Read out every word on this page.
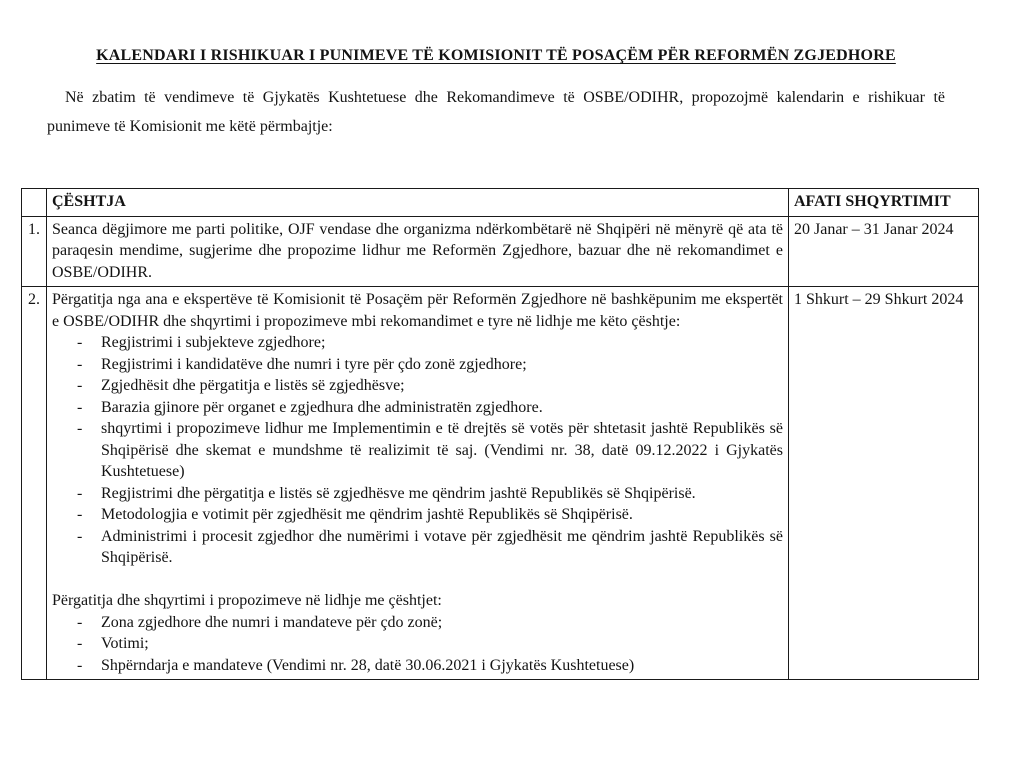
KALENDARI I RISHIKUAR I PUNIMEVE TË KOMISIONIT TË POSAÇËM PËR REFORMËN ZGJEDHORE

Në zbatim të vendimeve të Gjykatës Kushtetuese dhe Rekomandimeve të OSBE/ODIHR, propozojmë kalendarin e rishikuar të punimeve të Komisionit me këtë përmbajtje:

	ÇËSHTJA	AFATI SHQYRTIMIT
1.	Seanca dëgjimore me parti politike, OJF vendase dhe organizma ndërkombëtarë në Shqipëri në mënyrë që ata të paraqesin mendime, sugjerime dhe propozime lidhur me Reformën Zgjedhore, bazuar dhe në rekomandimet e OSBE/ODIHR.	20 Janar – 31 Janar 2024
2.	Përgatitja nga ana e ekspertëve të Komisionit të Posaçëm për Reformën Zgjedhore në bashkëpunim me ekspertët e OSBE/ODIHR dhe shqyrtimi i propozimeve mbi rekomandimet e tyre në lidhje me këto çështje:

- Regjistrimi i subjekteve zgjedhore;
- Regjistrimi i kandidatëve dhe numri i tyre për çdo zonë zgjedhore;
- Zgjedhësit dhe përgatitja e listës së zgjedhësve;
- Barazia gjinore për organet e zgjedhura dhe administratën zgjedhore.
- shqyrtimi i propozimeve lidhur me Implementimin e të drejtës së votës për shtetasit jashtë Republikës së Shqipërisë dhe skemat e mundshme të realizimit të saj. (Vendimi nr. 38, datë 09.12.2022 i Gjykatës Kushtetuese)
- Regjistrimi dhe përgatitja e listës së zgjedhësve me qëndrim jashtë Republikës së Shqipërisë.
- Metodologjia e votimit për zgjedhësit me qëndrim jashtë Republikës së Shqipërisë.
- Administrimi i procesit zgjedhor dhe numërimi i votave për zgjedhësit me qëndrim jashtë Republikës së Shqipërisë.

Përgatitja dhe shqyrtimi i propozimeve në lidhje me çështjet:

- Zona zgjedhore dhe numri i mandateve për çdo zonë;
- Votimi;
- Shpërndarja e mandateve (Vendimi nr. 28, datë 30.06.2021 i Gjykatës Kushtetuese)
	1 Shkurt – 29 Shkurt 2024
